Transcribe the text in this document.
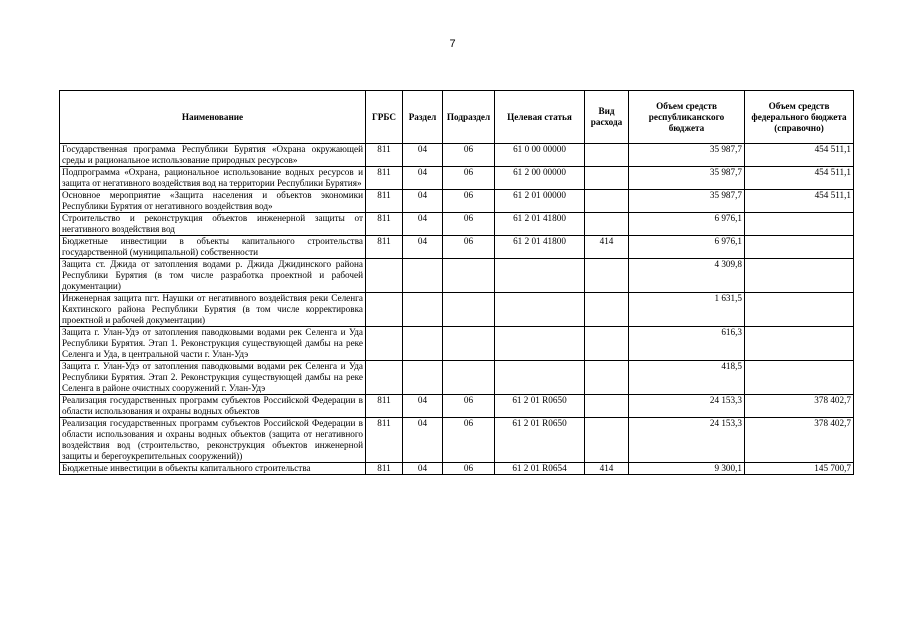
7
Наименование	ГРБС	Раздел	Подраздел	Целевая статья	Вид расхода	Объем средств республиканского бюджета	Объем средств федерального бюджета (справочно)
Государственная программа Республики Бурятия «Охрана окружающей среды и рациональное использование природных ресурсов»	811	04	06	61 0 00 00000		35 987,7	454 511,1
Подпрограмма «Охрана, рациональное использование водных ресурсов и защита от негативного воздействия вод на территории Республики Бурятия»	811	04	06	61 2 00 00000		35 987,7	454 511,1
Основное мероприятие «Защита населения и объектов экономики Республики Бурятия от негативного воздействия вод»	811	04	06	61 2 01 00000		35 987,7	454 511,1
Строительство и реконструкция объектов инженерной защиты от негативного воздействия вод	811	04	06	61 2 01 41800		6 976,1	
Бюджетные инвестиции в объекты капитального строительства государственной (муниципальной) собственности	811	04	06	61 2 01 41800	414	6 976,1	
Защита ст. Джида от затопления водами р. Джида Джидинского района Республики Бурятия (в том числе разработка проектной и рабочей документации)						4 309,8	
Инженерная защита пгт. Наушки от негативного воздействия реки Селенга Кяхтинского района Республики Бурятия (в том числе корректировка проектной и рабочей документации)						1 631,5	
Защита г. Улан-Удэ от затопления паводковыми водами рек Селенга и Уда Республики Бурятия. Этап 1. Реконструкция существующей дамбы на реке Селенга и Уда, в центральной части г. Улан-Удэ						616,3	
Защита г. Улан-Удэ от затопления паводковыми водами рек Селенга и Уда Республики Бурятия. Этап 2. Реконструкция существующей дамбы на реке Селенга в районе очистных сооружений г. Улан-Удэ						418,5	
Реализация государственных программ субъектов Российской Федерации в области использования и охраны водных объектов	811	04	06	61 2 01 R0650		24 153,3	378 402,7
Реализация государственных программ субъектов Российской Федерации в области использования и охраны водных объектов (защита от негативного воздействия вод (строительство, реконструкция объектов инженерной защиты и берегоукрепительных сооружений))	811	04	06	61 2 01 R0650		24 153,3	378 402,7
Бюджетные инвестиции в объекты капитального строительства	811	04	06	61 2 01 R0654	414	9 300,1	145 700,7
